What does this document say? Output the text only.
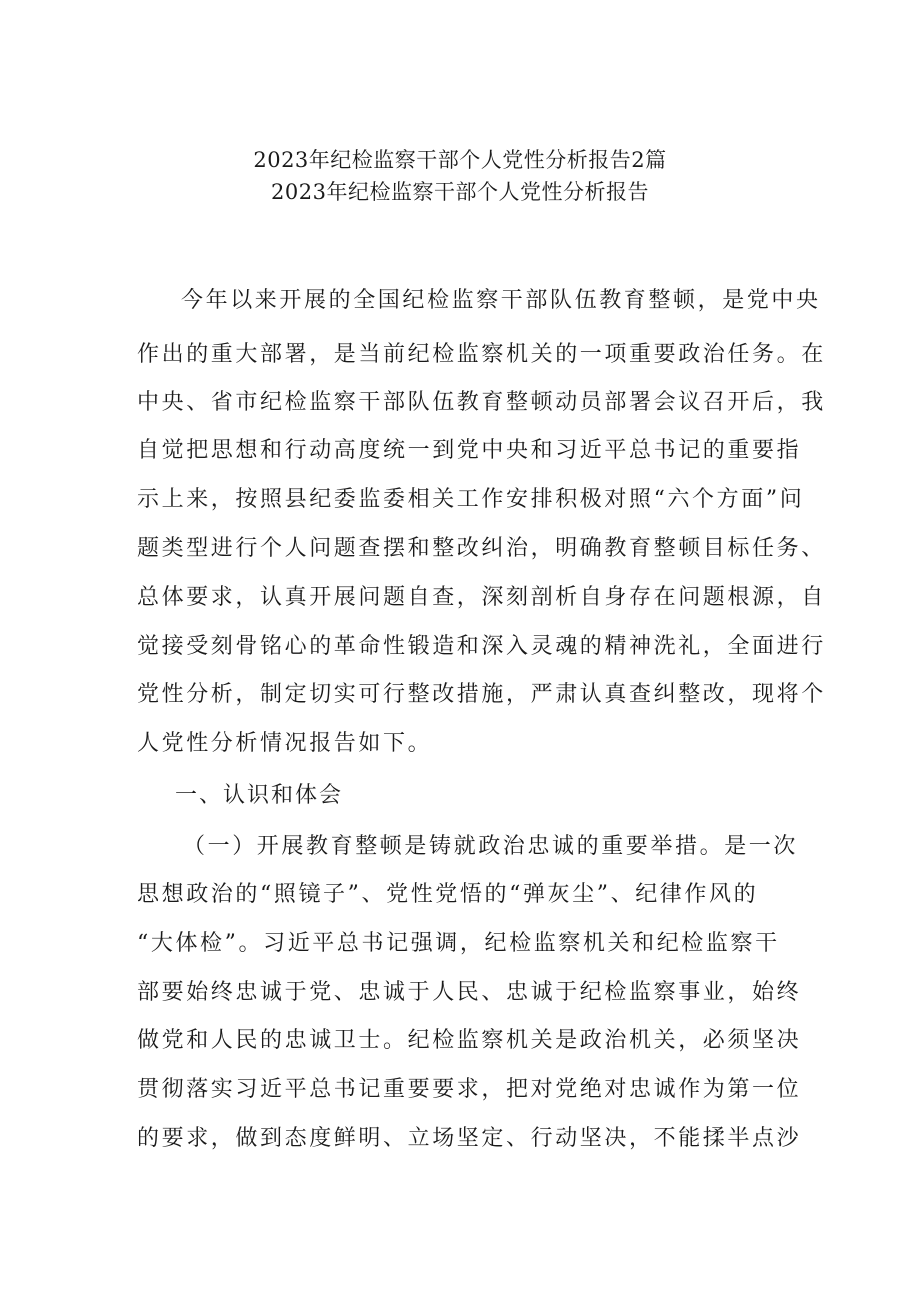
2023年纪检监察干部个人党性分析报告2篇
2023年纪检监察干部个人党性分析报告
今年以来开展的全国纪检监察干部队伍教育整顿，是党中央
作出的重大部署，是当前纪检监察机关的一项重要政治任务。在
中央、省市纪检监察干部队伍教育整顿动员部署会议召开后，我
自觉把思想和行动高度统一到党中央和习近平总书记的重要指
示上来，按照县纪委监委相关工作安排积极对照“六个方面”问
题类型进行个人问题查摆和整改纠治，明确教育整顿目标任务、
总体要求，认真开展问题自查，深刻剖析自身存在问题根源，自
觉接受刻骨铭心的革命性锻造和深入灵魂的精神洗礼，全面进行
党性分析，制定切实可行整改措施，严肃认真查纠整改，现将个
人党性分析情况报告如下。
一、认识和体会
（一）开展教育整顿是铸就政治忠诚的重要举措。是一次
思想政治的“照镜子”、党性党悟的“弹灰尘”、纪律作风的
“大体检”。习近平总书记强调，纪检监察机关和纪检监察干
部要始终忠诚于党、忠诚于人民、忠诚于纪检监察事业，始终
做党和人民的忠诚卫士。纪检监察机关是政治机关，必须坚决
贯彻落实习近平总书记重要要求，把对党绝对忠诚作为第一位
的要求，做到态度鲜明、立场坚定、行动坚决，不能揉半点沙
